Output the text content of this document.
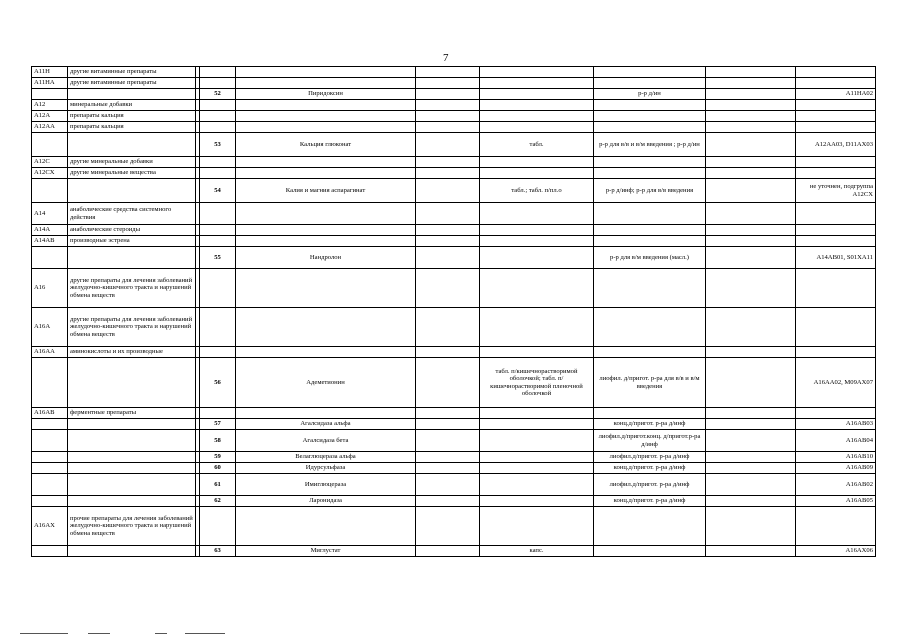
7
A11H	другие витаминные препараты								
A11HA	другие витаминные препараты								
			52	Пиридоксин			р-р д/ин		A11HA02
A12	минеральные добавки								
A12A	препараты кальция								
A12AA	препараты кальция								
			53	Кальция глюконат		табл.	р-р для в/в и в/м введения ; р-р д/ин		A12AA03, D11AX03
A12C	другие минеральные добавки								
A12CX	другие минеральные вещества								
			54	Калия и магния аспарагинат		табл.; табл. п/пл.о	р-р д/инф; р-р для в/в введения		не уточнен, подгруппа A12CX
A14	анаболические средства системного действия								
A14A	анаболические стероиды								
A14AB	производные эстрена								
			55	Нандролон			р-р для в/м введения (масл.)		A14AB01, S01XA11
A16	другие препараты для лечения заболеваний желудочно-кишечного тракта и нарушений обмена веществ								
A16A	другие препараты для лечения заболеваний желудочно-кишечного тракта и нарушений обмена веществ								
A16AA	аминокислоты и их производные								
			56	Адеметионин		табл. п/кишечнорастворимой оболочкой; табл. п/кишечнорастворимой пленочной оболочкой	лиофил. д/пригот. р-ра для в/в и в/м введения		A16AA02, M09AX07
A16AB	ферментные препараты								
			57	Агалсидаза альфа			конц.д/пригот. р-ра д/инф		A16AB03
			58	Агалсидаза бета			лиофил.д/пригот.конц. д/пригот.р-ра д/инф		A16AB04
			59	Велаглюцераза альфа			лиофил.д/пригот. р-ра д/инф		A16AB10
			60	Идурсульфаза			конц.д/пригот. р-ра д/инф		A16AB09
			61	Имиглюцераза			лиофил.д/пригот. р-ра д/инф		A16AB02
			62	Ларонидаза			конц.д/пригот. р-ра д/инф		A16AB05
A16AX	прочие препараты для лечения заболеваний желудочно-кишечного тракта и нарушений обмена веществ								
			63	Миглустат		капс.			A16AX06
